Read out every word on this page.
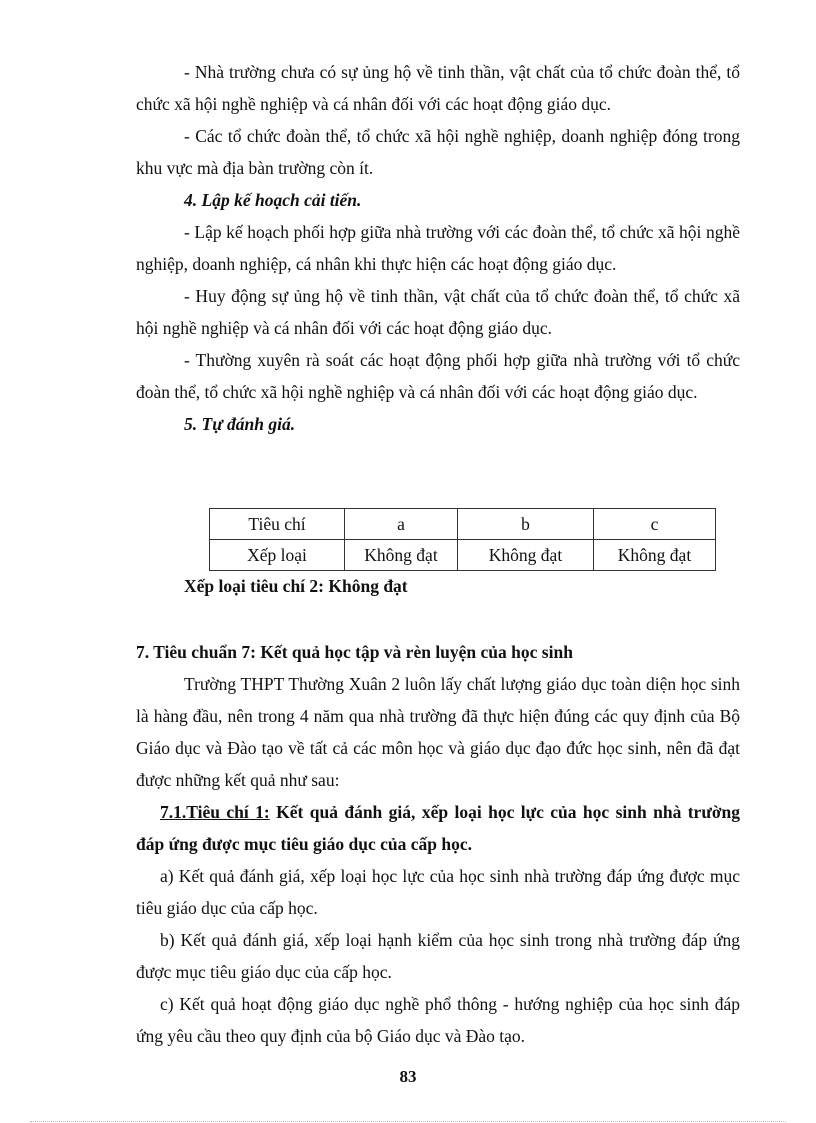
- Nhà trường chưa có sự ủng hộ về tinh thần, vật chất của tổ chức đoàn thể, tổ chức xã hội nghề nghiệp và cá nhân đối với các hoạt động giáo dục.

- Các tổ chức đoàn thể, tổ chức xã hội nghề nghiệp, doanh nghiệp đóng trong khu vực mà địa bàn trường còn ít.

4. Lập kế hoạch cải tiến.

- Lập kế hoạch phối hợp giữa nhà trường với các đoàn thể, tổ chức xã hội nghề nghiệp, doanh nghiệp, cá nhân khi thực hiện các hoạt động giáo dục.

- Huy động sự ủng hộ về tinh thần, vật chất của tổ chức đoàn thể, tổ chức xã hội nghề nghiệp và cá nhân đối với các hoạt động giáo dục.

- Thường xuyên rà soát các hoạt động phối hợp giữa nhà trường với tổ chức đoàn thể, tổ chức xã hội nghề nghiệp và cá nhân đối với các hoạt động giáo dục.

5. Tự đánh giá.

Tiêu chí	a	b	c
Xếp loại	Không đạt	Không đạt	Không đạt

Xếp loại tiêu chí 2: Không đạt

7. Tiêu chuẩn 7: Kết quả học tập và rèn luyện của học sinh

Trường THPT Thường Xuân 2 luôn lấy chất lượng giáo dục toàn diện học sinh là hàng đầu, nên trong 4 năm qua nhà trường đã thực hiện đúng các quy định của Bộ Giáo dục và Đào tạo về tất cả các môn học và giáo dục đạo đức học sinh, nên đã đạt được những kết quả như sau:

7.1.Tiêu chí 1: Kết quả đánh giá, xếp loại học lực của học sinh nhà trường đáp ứng được mục tiêu giáo dục của cấp học.

a) Kết quả đánh giá, xếp loại học lực của học sinh nhà trường đáp ứng được mục tiêu giáo dục của cấp học.

b) Kết quả đánh giá, xếp loại hạnh kiểm của học sinh trong nhà trường đáp ứng được mục tiêu giáo dục của cấp học.

c) Kết quả hoạt động giáo dục nghề phổ thông - hướng nghiệp của học sinh đáp ứng yêu cầu theo quy định của bộ Giáo dục và Đào tạo.

83
